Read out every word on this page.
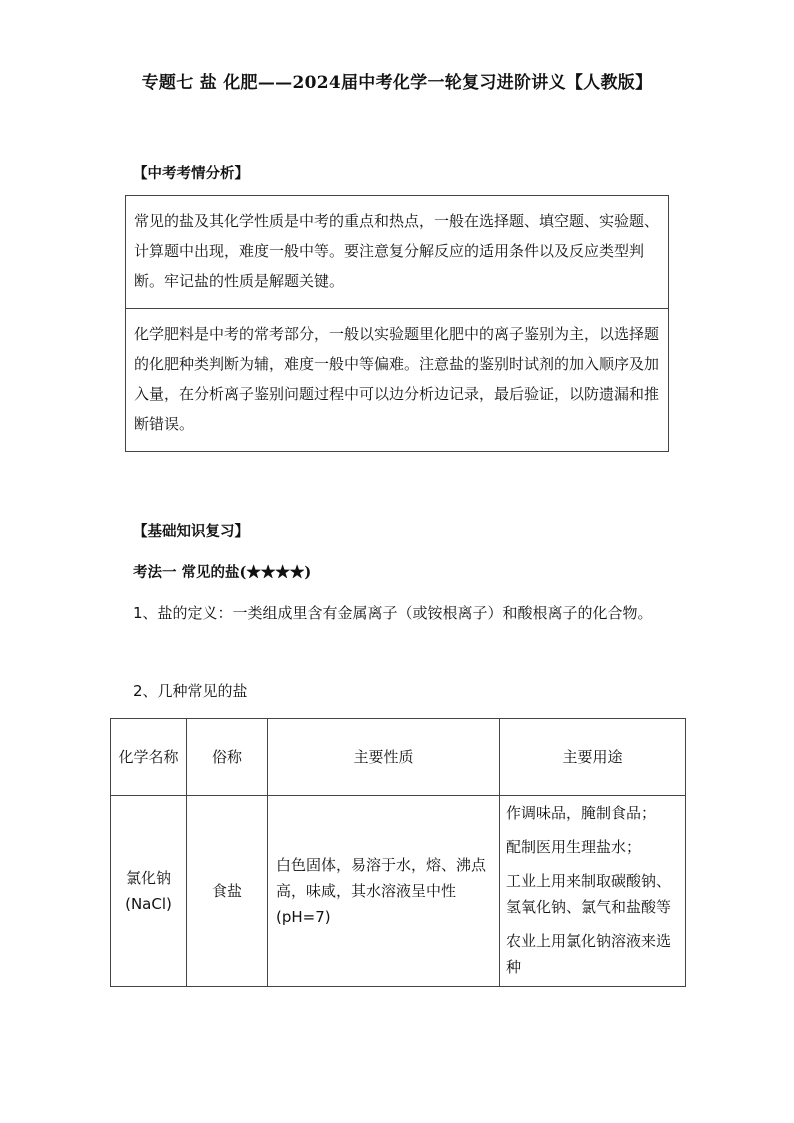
专题七 盐 化肥——2024届中考化学一轮复习进阶讲义【人教版】
【中考考情分析】
常见的盐及其化学性质是中考的重点和热点，一般在选择题、填空题、实验题、计算题中出现，难度一般中等。要注意复分解反应的适用条件以及反应类型判断。牢记盐的性质是解题关键。
化学肥料是中考的常考部分，一般以实验题里化肥中的离子鉴别为主，以选择题的化肥种类判断为辅，难度一般中等偏难。注意盐的鉴别时试剂的加入顺序及加入量，在分析离子鉴别问题过程中可以边分析边记录，最后验证，以防遗漏和推断错误。
【基础知识复习】
考法一 常见的盐(★★★★)
1、盐的定义：一类组成里含有金属离子（或铵根离子）和酸根离子的化合物。
2、几种常见的盐
化学名称	俗称	主要性质	主要用途
氯化钠(NaCl)	食盐	白色固体，易溶于水，熔、沸点高，味咸，其水溶液呈中性(pH=7)	作调味品，腌制食品；
配制医用生理盐水；
工业上用来制取碳酸钠、氢氧化钠、氯气和盐酸等
农业上用氯化钠溶液来选种
